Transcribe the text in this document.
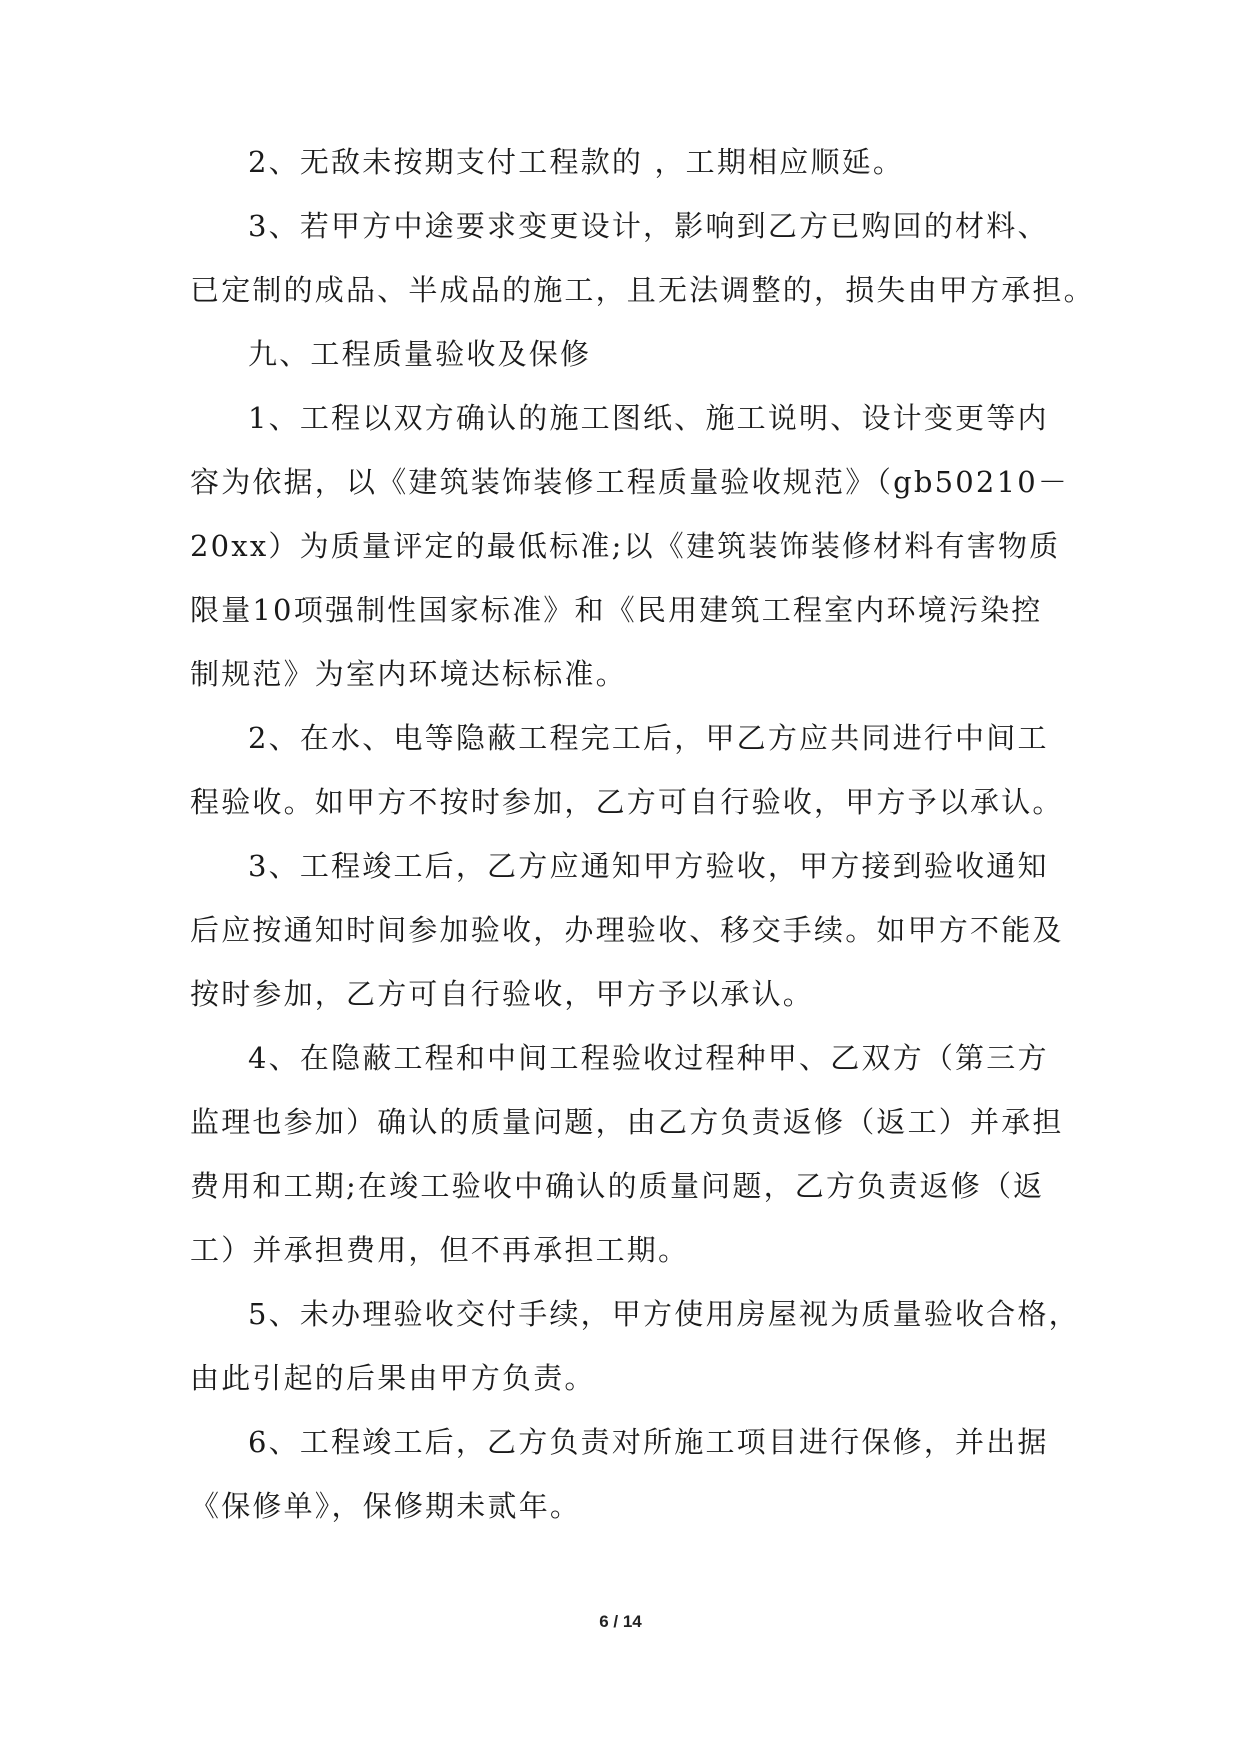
2、无敌未按期支付工程款的 ，工期相应顺延。

3、若甲方中途要求变更设计，影响到乙方已购回的材料、
已定制的成品、半成品的施工，且无法调整的，损失由甲方承担。

九、工程质量验收及保修

1、工程以双方确认的施工图纸、施工说明、设计变更等内
容为依据，以《建筑装饰装修工程质量验收规范》（gb50210－
20xx）为质量评定的最低标准;以《建筑装饰装修材料有害物质
限量10项强制性国家标准》和《民用建筑工程室内环境污染控
制规范》为室内环境达标标准。

2、在水、电等隐蔽工程完工后，甲乙方应共同进行中间工
程验收。如甲方不按时参加，乙方可自行验收，甲方予以承认。

3、工程竣工后，乙方应通知甲方验收，甲方接到验收通知
后应按通知时间参加验收，办理验收、移交手续。如甲方不能及
按时参加，乙方可自行验收，甲方予以承认。

4、在隐蔽工程和中间工程验收过程种甲、乙双方（第三方
监理也参加）确认的质量问题，由乙方负责返修（返工）并承担
费用和工期;在竣工验收中确认的质量问题，乙方负责返修（返
工）并承担费用，但不再承担工期。

5、未办理验收交付手续，甲方使用房屋视为质量验收合格，
由此引起的后果由甲方负责。

6、工程竣工后，乙方负责对所施工项目进行保修，并出据
《保修单》，保修期未贰年。

6 / 14
